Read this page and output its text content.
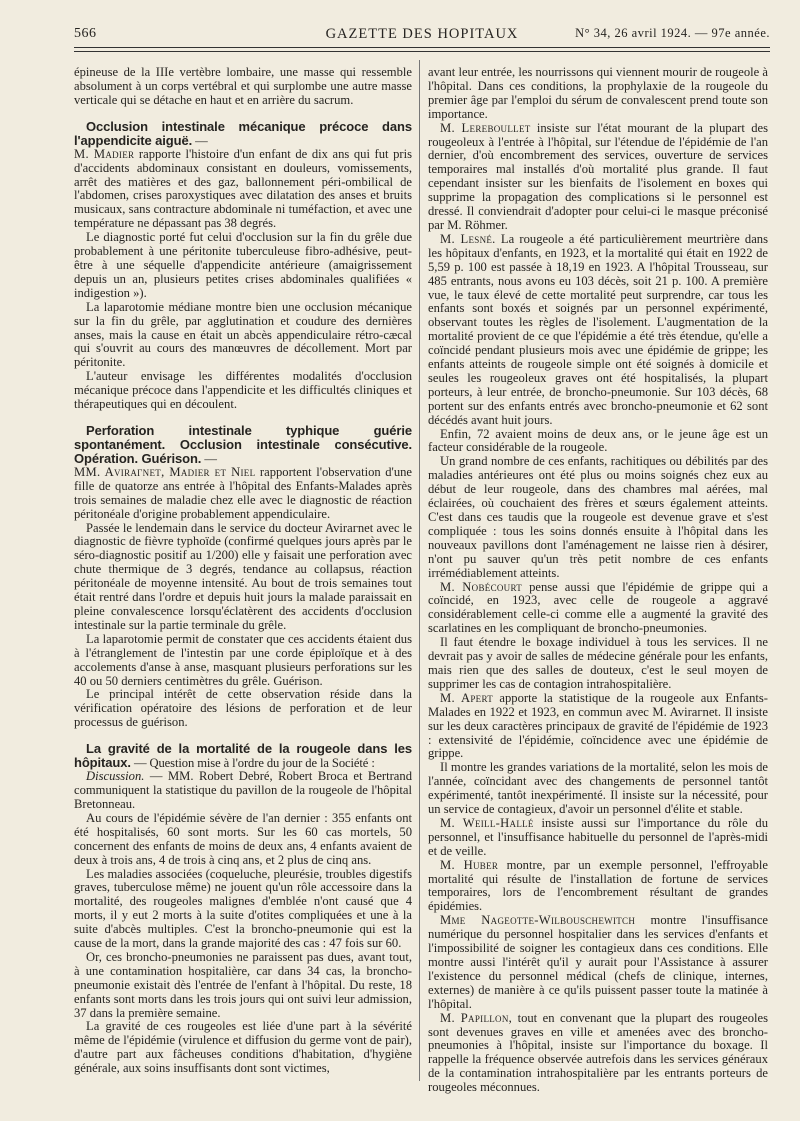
566	GAZETTE DES HOPITAUX	N° 34, 26 avril 1924. — 97e année.

épineuse de la IIIe vertèbre lombaire, une masse qui ressemble absolument à un corps vertébral et qui surplombe une autre masse verticale qui se détache en haut et en arrière du sacrum.

Occlusion intestinale mécanique précoce dans l'appendicite aiguë. —

M. Madier rapporte l'histoire d'un enfant de dix ans qui fut pris d'accidents abdominaux consistant en douleurs, vomissements, arrêt des matières et des gaz, ballonnement péri-ombilical de l'abdomen, crises paroxystiques avec dilatation des anses et bruits musicaux, sans contracture abdominale ni tuméfaction, et avec une température ne dépassant pas 38 degrés.

Le diagnostic porté fut celui d'occlusion sur la fin du grêle due probablement à une péritonite tuberculeuse fibro-adhésive, peut-être à une séquelle d'appendicite antérieure (amaigrissement depuis un an, plusieurs petites crises abdominales qualifiées « indigestion »).

La laparotomie médiane montre bien une occlusion mécanique sur la fin du grêle, par agglutination et coudure des dernières anses, mais la cause en était un abcès appendiculaire rétro-cæcal qui s'ouvrit au cours des manœuvres de décollement. Mort par péritonite.

L'auteur envisage les différentes modalités d'occlusion mécanique précoce dans l'appendicite et les difficultés cliniques et thérapeutiques qui en découlent.

Perforation intestinale typhique guérie spontanément. Occlusion intestinale consécutive. Opération. Guérison. —

MM. Avirагnet, Madier et Niel rapportent l'observation d'une fille de quatorze ans entrée à l'hôpital des Enfants-Malades après trois semaines de maladie chez elle avec le diagnostic de réaction péritonéale d'origine probablement appendiculaire.

Passée le lendemain dans le service du docteur Avirагnet avec le diagnostic de fièvre typhoïde (confirmé quelques jours après par le séro-diagnostic positif au 1/200) elle y faisait une perforation avec chute thermique de 3 degrés, tendance au collapsus, réaction péritonéale de moyenne intensité. Au bout de trois semaines tout était rentré dans l'ordre et depuis huit jours la malade paraissait en pleine convalescence lorsqu'éclatèrent des accidents d'occlusion intestinale sur la partie terminale du grêle.

La laparotomie permit de constater que ces accidents étaient dus à l'étranglement de l'intestin par une corde épiploïque et à des accolements d'anse à anse, masquant plusieurs perforations sur les 40 ou 50 derniers centimètres du grêle. Guérison.

Le principal intérêt de cette observation réside dans la vérification opératoire des lésions de perforation et de leur processus de guérison.

La gravité de la mortalité de la rougeole dans les hôpitaux. — Question mise à l'ordre du jour de la Société :

Discussion. — MM. Robert Debré, Robert Broca et Bertrand communiquent la statistique du pavillon de la rougeole de l'hôpital Bretonneau.

Au cours de l'épidémie sévère de l'an dernier : 355 enfants ont été hospitalisés, 60 sont morts. Sur les 60 cas mortels, 50 concernent des enfants de moins de deux ans, 4 enfants avaient de deux à trois ans, 4 de trois à cinq ans, et 2 plus de cinq ans.

Les maladies associées (coqueluche, pleurésie, troubles digestifs graves, tuberculose même) ne jouent qu'un rôle accessoire dans la mortalité, des rougeoles malignes d'emblée n'ont causé que 4 morts, il y eut 2 morts à la suite d'otites compliquées et une à la suite d'abcès multiples. C'est la broncho-pneumonie qui est la cause de la mort, dans la grande majorité des cas : 47 fois sur 60.

Or, ces broncho-pneumonies ne paraissent pas dues, avant tout, à une contamination hospitalière, car dans 34 cas, la broncho-pneumonie existait dès l'entrée de l'enfant à l'hôpital. Du reste, 18 enfants sont morts dans les trois jours qui ont suivi leur admission, 37 dans la première semaine.

La gravité de ces rougeoles est liée d'une part à la sévérité même de l'épidémie (virulence et diffusion du germe vont de pair), d'autre part aux fâcheuses conditions d'habitation, d'hygiène générale, aux soins insuffisants dont sont victimes,

avant leur entrée, les nourrissons qui viennent mourir de rougeole à l'hôpital. Dans ces conditions, la prophylaxie de la rougeole du premier âge par l'emploi du sérum de convalescent prend toute son importance.

M. Lereboullet insiste sur l'état mourant de la plupart des rougeoleux à l'entrée à l'hôpital, sur l'étendue de l'épidémie de l'an dernier, d'où encombrement des services, ouverture de services temporaires mal installés d'où mortalité plus grande. Il faut cependant insister sur les bienfaits de l'isolement en boxes qui supprime la propagation des complications si le personnel est dressé. Il conviendrait d'adopter pour celui-ci le masque préconisé par M. Röhmer.

M. Lesné. La rougeole a été particulièrement meurtrière dans les hôpitaux d'enfants, en 1923, et la mortalité qui était en 1922 de 5,59 p. 100 est passée à 18,19 en 1923. A l'hôpital Trousseau, sur 485 entrants, nous avons eu 103 décès, soit 21 p. 100. A première vue, le taux élevé de cette mortalité peut surprendre, car tous les enfants sont boxés et soignés par un personnel expérimenté, observant toutes les règles de l'isolement. L'augmentation de la mortalité provient de ce que l'épidémie a été très étendue, qu'elle a coïncidé pendant plusieurs mois avec une épidémie de grippe; les enfants atteints de rougeole simple ont été soignés à domicile et seules les rougeoleux graves ont été hospitalisés, la plupart porteurs, à leur entrée, de broncho-pneumonie. Sur 103 décès, 68 portent sur des enfants entrés avec broncho-pneumonie et 62 sont décédés avant huit jours.

Enfin, 72 avaient moins de deux ans, or le jeune âge est un facteur considérable de la rougeole.

Un grand nombre de ces enfants, rachitiques ou débilités par des maladies antérieures ont été plus ou moins soignés chez eux au début de leur rougeole, dans des chambres mal aérées, mal éclairées, où couchaient des frères et sœurs également atteints. C'est dans ces taudis que la rougeole est devenue grave et s'est compliquée : tous les soins donnés ensuite à l'hôpital dans les nouveaux pavillons dont l'aménagement ne laisse rien à désirer, n'ont pu sauver qu'un très petit nombre de ces enfants irrémédiablement atteints.

M. Nobécourt pense aussi que l'épidémie de grippe qui a coïncidé, en 1923, avec celle de rougeole a aggravé considérablement celle-ci comme elle a augmenté la gravité des scarlatines en les compliquant de broncho-pneumonies.

Il faut étendre le boxage individuel à tous les services. Il ne devrait pas y avoir de salles de médecine générale pour les enfants, mais rien que des salles de douteux, c'est le seul moyen de supprimer les cas de contagion intrahospitalière.

M. Apert apporte la statistique de la rougeole aux Enfants-Malades en 1922 et 1923, en commun avec M. Avirагnet. Il insiste sur les deux caractères principaux de gravité de l'épidémie de 1923 : extensivité de l'épidémie, coïncidence avec une épidémie de grippe.

Il montre les grandes variations de la mortalité, selon les mois de l'année, coïncidant avec des changements de personnel tantôt expérimenté, tantôt inexpérimenté. Il insiste sur la nécessité, pour un service de contagieux, d'avoir un personnel d'élite et stable.

M. Weill-Hallé insiste aussi sur l'importance du rôle du personnel, et l'insuffisance habituelle du personnel de l'après-midi et de veille.

M. Huber montre, par un exemple personnel, l'effroyable mortalité qui résulte de l'installation de fortune de services temporaires, lors de l'encombrement résultant de grandes épidémies.

Mme Nageotte-Wilbouschewitch montre l'insuffisance numérique du personnel hospitalier dans les services d'enfants et l'impossibilité de soigner les contagieux dans ces conditions. Elle montre aussi l'intérêt qu'il y aurait pour l'Assistance à assurer l'existence du personnel médical (chefs de clinique, internes, externes) de manière à ce qu'ils puissent passer toute la matinée à l'hôpital.

M. Papillon, tout en convenant que la plupart des rougeoles sont devenues graves en ville et amenées avec des broncho-pneumonies à l'hôpital, insiste sur l'importance du boxage. Il rappelle la fréquence observée autrefois dans les services généraux de la contamination intrahospitalière par les entrants porteurs de rougeoles méconnues.
